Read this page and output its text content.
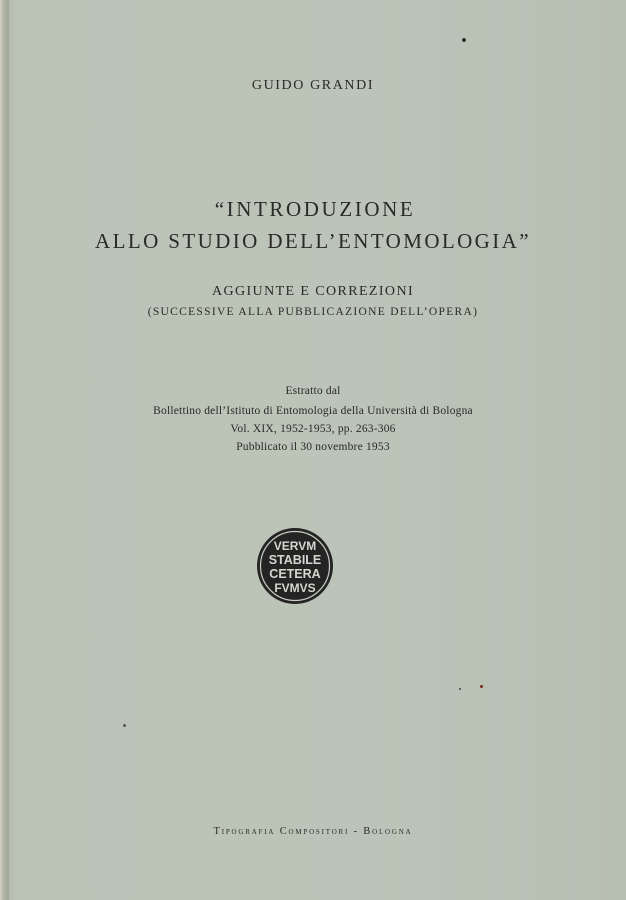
GUIDO GRANDI
“INTRODUZIONE
ALLO STUDIO DELL’ENTOMOLOGIA”
AGGIUNTE E CORREZIONI
(SUCCESSIVE ALLA PUBBLICAZIONE DELL’OPERA)
Estratto dal
Bollettino dell’Istituto di Entomologia della Università di Bologna
Vol. XIX, 1952-1953, pp. 263-306
Pubblicato il 30 novembre 1953
VERVM
STABILE
CETERA
FVMVS
Tipografia Compositori - Bologna
